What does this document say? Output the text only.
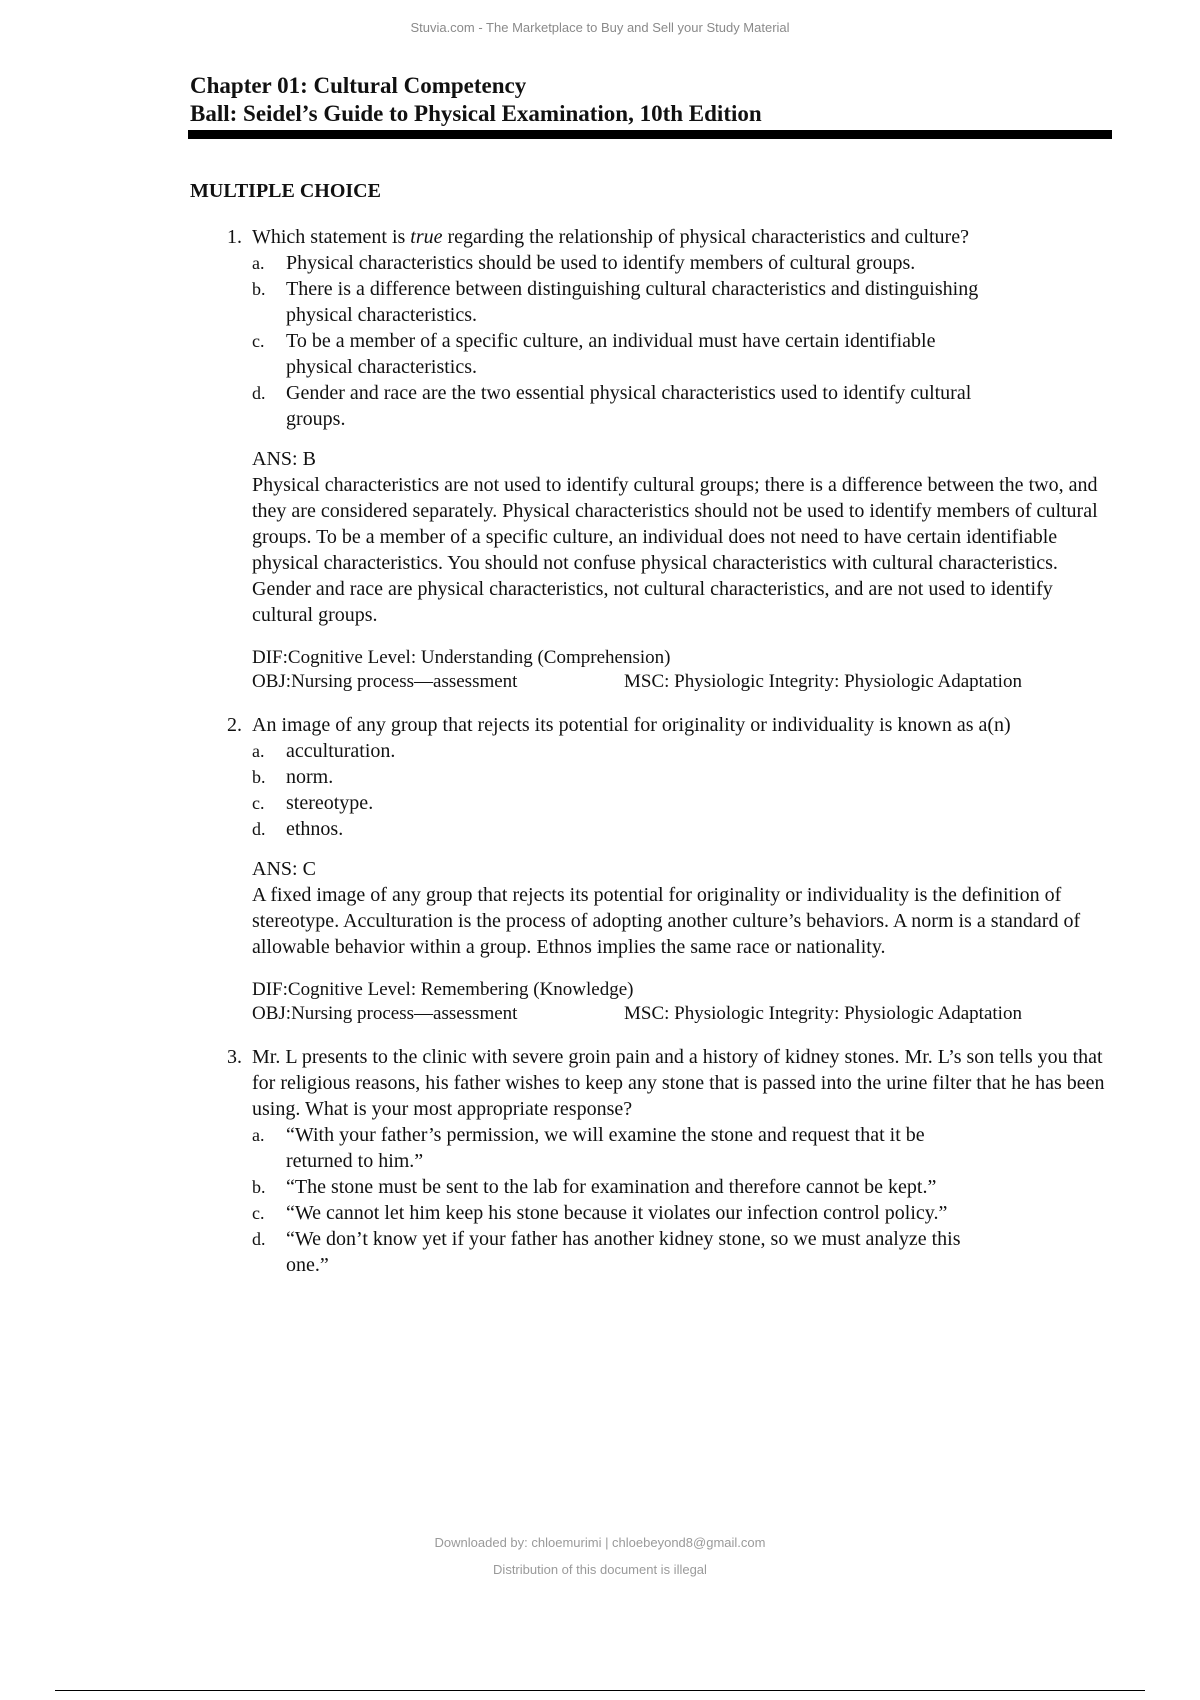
Stuvia.com - The Marketplace to Buy and Sell your Study Material
Chapter 01: Cultural Competency
Ball: Seidel’s Guide to Physical Examination, 10th Edition
MULTIPLE CHOICE
1. Which statement is true regarding the relationship of physical characteristics and culture?
a.	Physical characteristics should be used to identify members of cultural groups.
b.	There is a difference between distinguishing cultural characteristics and distinguishing physical characteristics.
c.	To be a member of a specific culture, an individual must have certain identifiable physical characteristics.
d.	Gender and race are the two essential physical characteristics used to identify cultural groups.
ANS: B
Physical characteristics are not used to identify cultural groups; there is a difference between the two, and they are considered separately. Physical characteristics should not be used to identify members of cultural groups. To be a member of a specific culture, an individual does not need to have certain identifiable physical characteristics. You should not confuse physical characteristics with cultural characteristics. Gender and race are physical characteristics, not cultural characteristics, and are not used to identify cultural groups.
DIF:Cognitive Level: Understanding (Comprehension)
OBJ:Nursing process—assessment	MSC: Physiologic Integrity: Physiologic Adaptation
2. An image of any group that rejects its potential for originality or individuality is known as a(n)
a.	acculturation.
b.	norm.
c.	stereotype.
d.	ethnos.
ANS: C
A fixed image of any group that rejects its potential for originality or individuality is the definition of stereotype. Acculturation is the process of adopting another culture’s behaviors. A norm is a standard of allowable behavior within a group. Ethnos implies the same race or nationality.
DIF:Cognitive Level: Remembering (Knowledge)
OBJ:Nursing process—assessment	MSC: Physiologic Integrity: Physiologic Adaptation
3. Mr. L presents to the clinic with severe groin pain and a history of kidney stones. Mr. L’s son tells you that for religious reasons, his father wishes to keep any stone that is passed into the urine filter that he has been using. What is your most appropriate response?
a.	“With your father’s permission, we will examine the stone and request that it be returned to him.”
b.	“The stone must be sent to the lab for examination and therefore cannot be kept.”
c.	“We cannot let him keep his stone because it violates our infection control policy.”
d.	“We don’t know yet if your father has another kidney stone, so we must analyze this one.”
Downloaded by: chloemurimi | chloebeyond8@gmail.com
Distribution of this document is illegal
